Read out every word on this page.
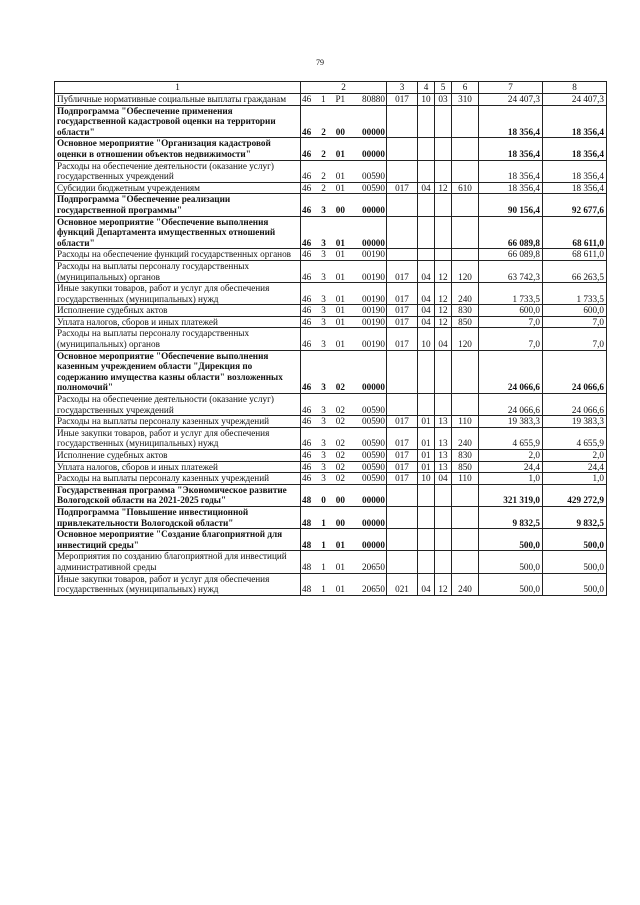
79
1	2	3	4	5	6	7	8
Публичные нормативные социальные выплаты гражданам	46 1 P1 80880	017	10	03	310	24 407,3	24 407,3
Подпрограмма "Обеспечение применения государственной кадастровой оценки на территории области"	46 2 00 00000					18 356,4	18 356,4
Основное мероприятие "Организация кадастровой оценки в отношении объектов недвижимости"	46 2 01 00000					18 356,4	18 356,4
Расходы на обеспечение деятельности (оказание услуг) государственных учреждений	46 2 01 00590					18 356,4	18 356,4
Субсидии бюджетным учреждениям	46 2 01 00590	017	04	12	610	18 356,4	18 356,4
Подпрограмма "Обеспечение реализации государственной программы"	46 3 00 00000					90 156,4	92 677,6
Основное мероприятие "Обеспечение выполнения функций Департамента имущественных отношений области"	46 3 01 00000					66 089,8	68 611,0
Расходы на обеспечение функций государственных органов	46 3 01 00190					66 089,8	68 611,0
Расходы на выплаты персоналу государственных (муниципальных) органов	46 3 01 00190	017	04	12	120	63 742,3	66 263,5
Иные закупки товаров, работ и услуг для обеспечения государственных (муниципальных) нужд	46 3 01 00190	017	04	12	240	1 733,5	1 733,5
Исполнение судебных актов	46 3 01 00190	017	04	12	830	600,0	600,0
Уплата налогов, сборов и иных платежей	46 3 01 00190	017	04	12	850	7,0	7,0
Расходы на выплаты персоналу государственных (муниципальных) органов	46 3 01 00190	017	10	04	120	7,0	7,0
Основное мероприятие "Обеспечение выполнения казенным учреждением области "Дирекция по содержанию имущества казны области" возложенных полномочий"	46 3 02 00000					24 066,6	24 066,6
Расходы на обеспечение деятельности (оказание услуг) государственных учреждений	46 3 02 00590					24 066,6	24 066,6
Расходы на выплаты персоналу казенных учреждений	46 3 02 00590	017	01	13	110	19 383,3	19 383,3
Иные закупки товаров, работ и услуг для обеспечения государственных (муниципальных) нужд	46 3 02 00590	017	01	13	240	4 655,9	4 655,9
Исполнение судебных актов	46 3 02 00590	017	01	13	830	2,0	2,0
Уплата налогов, сборов и иных платежей	46 3 02 00590	017	01	13	850	24,4	24,4
Расходы на выплаты персоналу казенных учреждений	46 3 02 00590	017	10	04	110	1,0	1,0
Государственная программа "Экономическое развитие Вологодской области на 2021-2025 годы"	48 0 00 00000					321 319,0	429 272,9
Подпрограмма "Повышение инвестиционной привлекательности Вологодской области"	48 1 00 00000					9 832,5	9 832,5
Основное мероприятие "Создание благоприятной для инвестиций среды"	48 1 01 00000					500,0	500,0
Мероприятия по созданию благоприятной для инвестиций административной среды	48 1 01 20650					500,0	500,0
Иные закупки товаров, работ и услуг для обеспечения государственных (муниципальных) нужд	48 1 01 20650	021	04	12	240	500,0	500,0
